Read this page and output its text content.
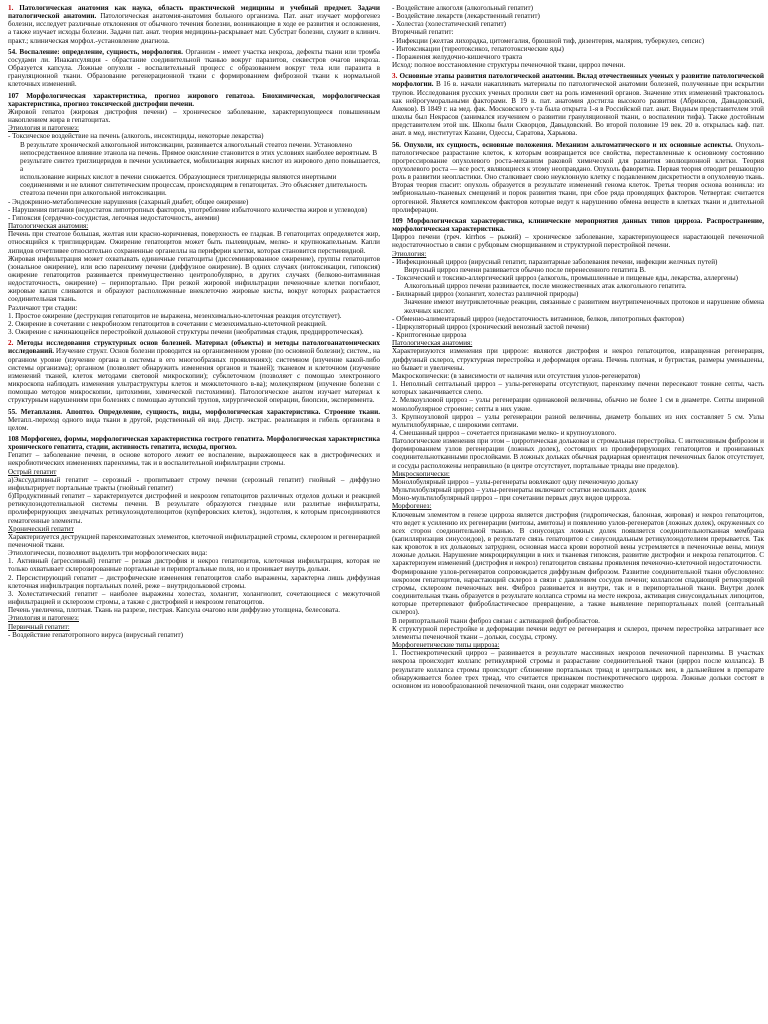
1. Патологическая анатомия как наука, область практической медицины и учебный предмет. Задачи патологической анатомии. Патологическая анатомия-анатомия больного организма. Пат. анат изучает морфогенез болезни, исследует различные отклонения от обычного течения болезни, возникающие в ходе ее развития и осложнения, а также изучает исходы болезни. Задачи пат. анат. теория медицины-раскрывает мат. Субстрат болезни, служит в клинич. практ.; клиническая морфол.-установление диагноза.
54. Воспаление: определение, сущность, морфология. Организм - имеет участка некроза, дефекты ткани или тромба сосудами ли. Инакапсуляция - обрастание соединительной тканью вокруг паразитов, секвестров очагов некроза. Образуется капсула. Ложные опухоли - воспалительный процесс с образованием вокруг тела или паразита в грануляционной ткани. Образование регенерационной ткани с формированием фиброзной ткани к нормальной клеточных изменений.

107 Морфологическая характеристика, прогноз жирового гепатоза. Биохимическая, морфологическая характеристика, прогноз токсической дистрофии печени.

Жировой гепатоз (жировая дистрофия печени) – хроническое заболевание, характеризующееся повышенным накоплением жира в гепатоцитах.

Этиология и патогенез:

- Токсическое воздействие на печень (алкоголь, инсектициды, некоторые лекарства)

В результате хронической алкогольной интоксикации, развивается алкогольный стеатоз печени. Установлено

непосредственное влияние этанола на печень. Прямое окисление становится в этих условиях наиболее вероятным. В

результате синтез триглицеридов в печени усиливается, мобилизация жирных кислот из жирового депо повышается, а

использование жирных кислот в печени снижается. Образующиеся триглицериды являются инертными

соединениями и не влияют синтетическим процессам, происходящим в гепатоцитах. Это объясняет длительность

стеатоза печени при алкогольной интоксикации.

- Эндокринно-метаболические нарушения (сахарный диабет, общее ожирение)

- Нарушения питания (недостаток липотропных факторов, употребление избыточного количества жиров и углеводов)

- Гипоксия (сердечно-сосудистая, легочная недостаточность, анемии)

Патологическая анатомия:

Печень при стеатозе большая, желтая или красно-коричневая, поверхность ее гладкая. В гепатоцитах определяется жир, относящийся к триглицеридам. Ожирение гепатоцитов может быть пылевидным, мелко- и крупнокапельным. Капли липидов отчетливее относительно сохраненные органеллы на периферии клетки, которая становится перстневидной.

Жировая инфильтрация может охватывать единичные гепатоциты (диссеминированное ожирение), группы гепатоцитов (зональное ожирение), или всю паренхиму печени (диффузное ожирение). В одних случаях (интоксикации, гипоксия) ожирение гепатоцитов развивается преимущественно центролобулярно, в других случаях (белково-витаминная недостаточность, ожирение) – перипортально. При резкой жировой инфильтрации печеночные клетки погибают, жировые капли сливаются и образуют расположенные внеклеточно жировые кисты, вокруг которых разрастается соединительная ткань.

Различают три стадии:

1. Простое ожирение (деструкция гепатоцитов не выражена, мезенхимально-клеточная реакция отсутствует).

2. Ожирение в сочетании с некробиозом гепатоцитов в сочетании с мезенхимально-клеточной реакцией.

3. Ожирение с начинающейся перестройкой дольковой структуры печени (необратимая стадия, предцирротическая).

2. Методы исследования структурных основ болезней. Материал (объекты) и методы патологоанатомических исследований. Изучение структ. Основ болезни проводится на организменном уровне (по основной болезни); систем., на органном уровне (изучение органа и системы в его многообразных проявлениях); системном (изучение какой-либо системы организма); органном (позволяет обнаружить изменения органов и тканей); тканевом и клеточном (изучение изменений тканей, клеток методами световой микроскопии); субклеточном (позволяет с помощью электронного микроскопа наблюдать изменения ультраструктуры клеток и межклеточного в-ва); молекулярном (изучение болезни с помощью методов микроскопии, цитохимии, химической гистохимии). Патологическое анатом изучает материал к структурным нарушениям при болезнях с помощью аутопсий трупов, хирургической операции, биопсии, эксперимента.
55. Метаплазия. Апоптоз. Определение, сущность, виды, морфологическая характеристика. Строение ткани. Метапл.-переход одного вида ткани в другой, родственный ей вид. Дистр. экстрас. реализация и гибель организма в целом.

108 Морфогенез, формы, морфологическая характеристика гострого гепатита. Морфологическая характеристика хронического гепатита, стадии, активность гепатита, исходы, прогноз.

Гепатит – заболевание печени, в основе которого лежит ее воспаление, выражающееся как в дистрофических и некробиотических изменениях паренхимы, так и в воспалительной инфильтрации стромы.

Острый гепатит

а)Экссудативный гепатит – серозный - пропитывает строму печени (серозный гепатит) гнойный – диффузно инфильтрирует портальные тракты (гнойный гепатит)

б)Продуктивный гепатит – характеризуется дистрофией и некрозом гепатоцитов различных отделов дольки и реакцией ретикулоэндотелиальной системы печени. В результате образуются гнездные или разлитые инфильтраты, пролиферирующих звездчатых ретикулоэндотелиоцитов (купферовских клеток), эндотелия, к которым присоединяются гематогенные элементы.

Хронический гепатит

Характеризуется деструкцией паренхиматозных элементов, клеточной инфильтрацией стромы, склерозом и регенерацией печеночной ткани.

Этиологически, позволяют выделить три морфологических вида:

1. Активный (агрессивный) гепатит – резкая дистрофия и некроз гепатоцитов, клеточная инфильтрация, которая не только охватывает склерозированные портальные и перипортальные поля, но и проникает внутрь дольки.

2. Персистирующий гепатит – дистрофические изменения гепатоцитов слабо выражены, характерна лишь диффузная клеточная инфильтрация портальных полей, реже – внутридольковой стромы.

3. Холестатический гепатит – наиболее выражены холестаз, холангит, холангиолит, сочетающиеся с межуточной инфильтрацией и склерозом стромы, а также с дистрофией и некрозом гепатоцитов.

Печень увеличена, плотная. Ткань на разрезе, пестрая. Капсула очагово или диффузно утолщена, белесовата.

Этиология и патогенез:

Первичный гепатит:

- Воздействие гепатотропного вируса (вирусный гепатит)

- Воздействие алкоголя (алкогольный гепатит)

- Воздействие лекарств (лекарственный гепатит)

- Холестаз (холестатический гепатит)

Вторичный гепатит:

- Инфекции (желтая лихорадка, цитомегалия, брюшной тиф, дизентерия, малярия, туберкулез, сепсис)

- Интоксикации (тиреотоксикоз, гепатотоксические яды)

- Поражения желудочно-кишечного тракта

Исход: полное восстановление структуры печеночной ткани, цирроз печени.

3. Основные этапы развития патологической анатомии. Вклад отечественных ученых у развитие патологической морфологии. В 16 в. начали накапливать материалы по патологической анатомии болезней, полученные при вскрытии трупов. Исследования русских ученых пролили свет на роль изменений органов. Значение этих изменений трактовалось как нейрогуморальными факторами. В 19 в. пат. анатомия достигла высокого развития (Абрикосов, Давыдовский, Анеков). В 1849 г. на мед. фак. Московского у-та была открыта 1-я в Российской пат. анат. Видным представителем этой школы был Некрасов (занимался изучением о развитии грануляционной ткани, о воспалении тифа). Также достойным представителем этой шк. Школы были Скворцов, Давыдовский. Во второй половине 19 век. 20 в. открылась каф. пат. анат. в мед. институтах Казани, Одессы, Саратова, Харькова.
56. Опухоли, их сущность, основные положения. Механизм альтоматического и их основные аспекты. Опухоль-патологическое разрастание клеток, к которым возвращается все свойства, переставленные к основному состоянию прогрессирование опухолевого роста-механизм раковой химической для развития эволюционной клетки. Теория опухолевого роста — все рост, являющиеся к этому неоправдано. Опухоль фаворитна. Первая теория отводит решающую роль в развитии неопластики. Оно сталкивает свою неуклонную клетку с подавлением дискретности в опухолевую ткань. Вторая теория гласит: опухоль образуется в результате изменений генома клеток. Третья теория основа возникла: из эмбрионально-тканевых смещений и порок развития ткани, при сбое ряда проводящих факторов. Четвертая: считается ортогенной. Является комплексом факторов которые ведут к нарушению обмена веществ в клетках ткани и длительной пролиферации.

109 Морфологическая характеристика, клинические мероприятия данных типов цирроза. Распространение, морфологическая характеристика.

Цирроз печени (греч. kirrhos – рыжий) – хроническое заболевание, характеризующееся нарастающей печеночной недостаточностью в связи с рубцовым сморщиванием и структурной перестройкой печени.

Этиология:

- Инфекционный цирроз (вирусный гепатит, паразитарные заболевания печени, инфекции желчных путей)

Вирусный цирроз печени развивается обычно после перенесенного гепатита В.

- Токсический и токсико-аллергический цирроз (алкоголь, промышленные и пищевые яды, лекарства, аллергены)

Алкогольный цирроз печени развивается, после множественных атак алкогольного гепатита.

- Билиарный цирроз (холангит, холестаз различной природы)

Значение имеют внутриклеточные реакции, связанные с развитием внутрипеченочных протоков и нарушение обмена желчных кислот.

- Обменно-алиментарный цирроз (недостаточность витаминов, белков, липотропных факторов)

- Циркуляторный цирроз (хронический венозный застой печени)

- Криптогенные цирроза

Патологическая анатомия:

Характеризуются изменения при циррозе: являются дистрофия и некроз гепатоцитов, извращенная регенерация, диффузный склероз, структурная перестройка и деформация органа. Печень плотная, и бугристая, размеры уменьшены, но бывает и увеличены.

Макроскопически: (в зависимости от наличия или отсутствия узлов-регенератов)

1. Неполный септальный цирроз – узлы-регенераты отсутствуют, паренхиму печени пересекают тонкие септы, часть которых заканчивается слепо.

2. Мелкоузловой цирроз – узлы регенерации одинаковой величины, обычно не более 1 см в диаметре. Септы шириной монолобулярное строение; септы в них узкие.

3. Крупноузловой цирроз – узлы регенерации разной величины, диаметр больших из них составляет 5 см. Узлы мультилобулярные, с широкими септами.

4. Смешанный цирроз – сочетается признаками мелко- и крупноузлового.

Патологические изменения при этом – цирротическая дольковая и стромальная перестройка. С интенсивным фиброзом и формированием узлов регенерации (ложных долек), состоящих из пролиферирующих гепатоцитов и пронизанных соединительнотканными прослойками. В ложных дольках обычная радиарная ориентация печеночных балок отсутствует, и сосуды расположены неправильно (в центре отсутствует, портальные триады вне пределов).

Микроскопически:

Монолобулярный цирроз – узлы-регенераты вовлекают одну печеночную дольку

Мультилобулярный цирроз – узлы-регенераты включают остатки нескольких долек

Моно-мультилобулярный цирроз – при сочетании первых двух видов цирроза.

Морфогенез:

Ключевым элементом в генезе цирроза является дистрофия (гидропическая, балонная, жировая) и некроз гепатоцитов, что ведет к усилению их регенерации (митозы, амитозы) и появлению узлов-регенератов (ложных долек), окруженных со всех сторон соединительной тканью. В синусоидах ложных долек появляется соединительнотканная мембрана (капилляризация синусоидов), в результате связь гепатоцитов с синусоидальным ретикулоэндотелием прерывается. Так как кровоток в их дольковых затруднен, основная масса крови воротной вены устремляется в печеночные вены, минуя ложные дольки. Нарушение микроциркуляции в них и тканевая гипоксия, развитие дистрофии и некроза гепатоцитов. С характеризуем изменений (дистрофия и некроз) гепатоцитов связаны проявления печеночно-клеточной недостаточности.

Формирование узлов-регенератов сопровождается диффузным фиброзом. Развитие соединительной ткани обусловлено: некрозом гепатоцитов, нарастающий склероз в связи с давлением сосудов печени; коллапсом спадающей ретикулярной стромы, склерозом печеночных вен. Фиброз развивается и внутри, так и в перипортальной ткани. Внутри долек соединительная ткань образуется в результате коллапса стромы на месте некроза, активация синусоидальных липоцитов, которые претерпевают фибробластическое превращение, а также выявление перипортальных полей (септальный склероз).

В перипортальной ткани фиброз связан с активацией фибробластов.

К структурной перестройке и деформации печени ведут ее регенерация и склероз, причем перестройка затрагивает все элементы печеночной ткани – дольки, сосуды, строму.

Морфогенетические типы цирроза:

1. Постнекротический цирроз – развивается в результате массивных некрозов печеночной паренхимы. В участках некроза происходит коллапс ретикулярной стромы и разрастание соединительной ткани (цирроз после коллапса). В результате коллапса стромы происходит сближение портальных триад и центральных вен, в дальнейшем в препарате обнаруживается более трех триад, что считается признаком постнекротического цирроза. Ложные дольки состоят в основном из новообразованной печеночной ткани, они содержат множество
